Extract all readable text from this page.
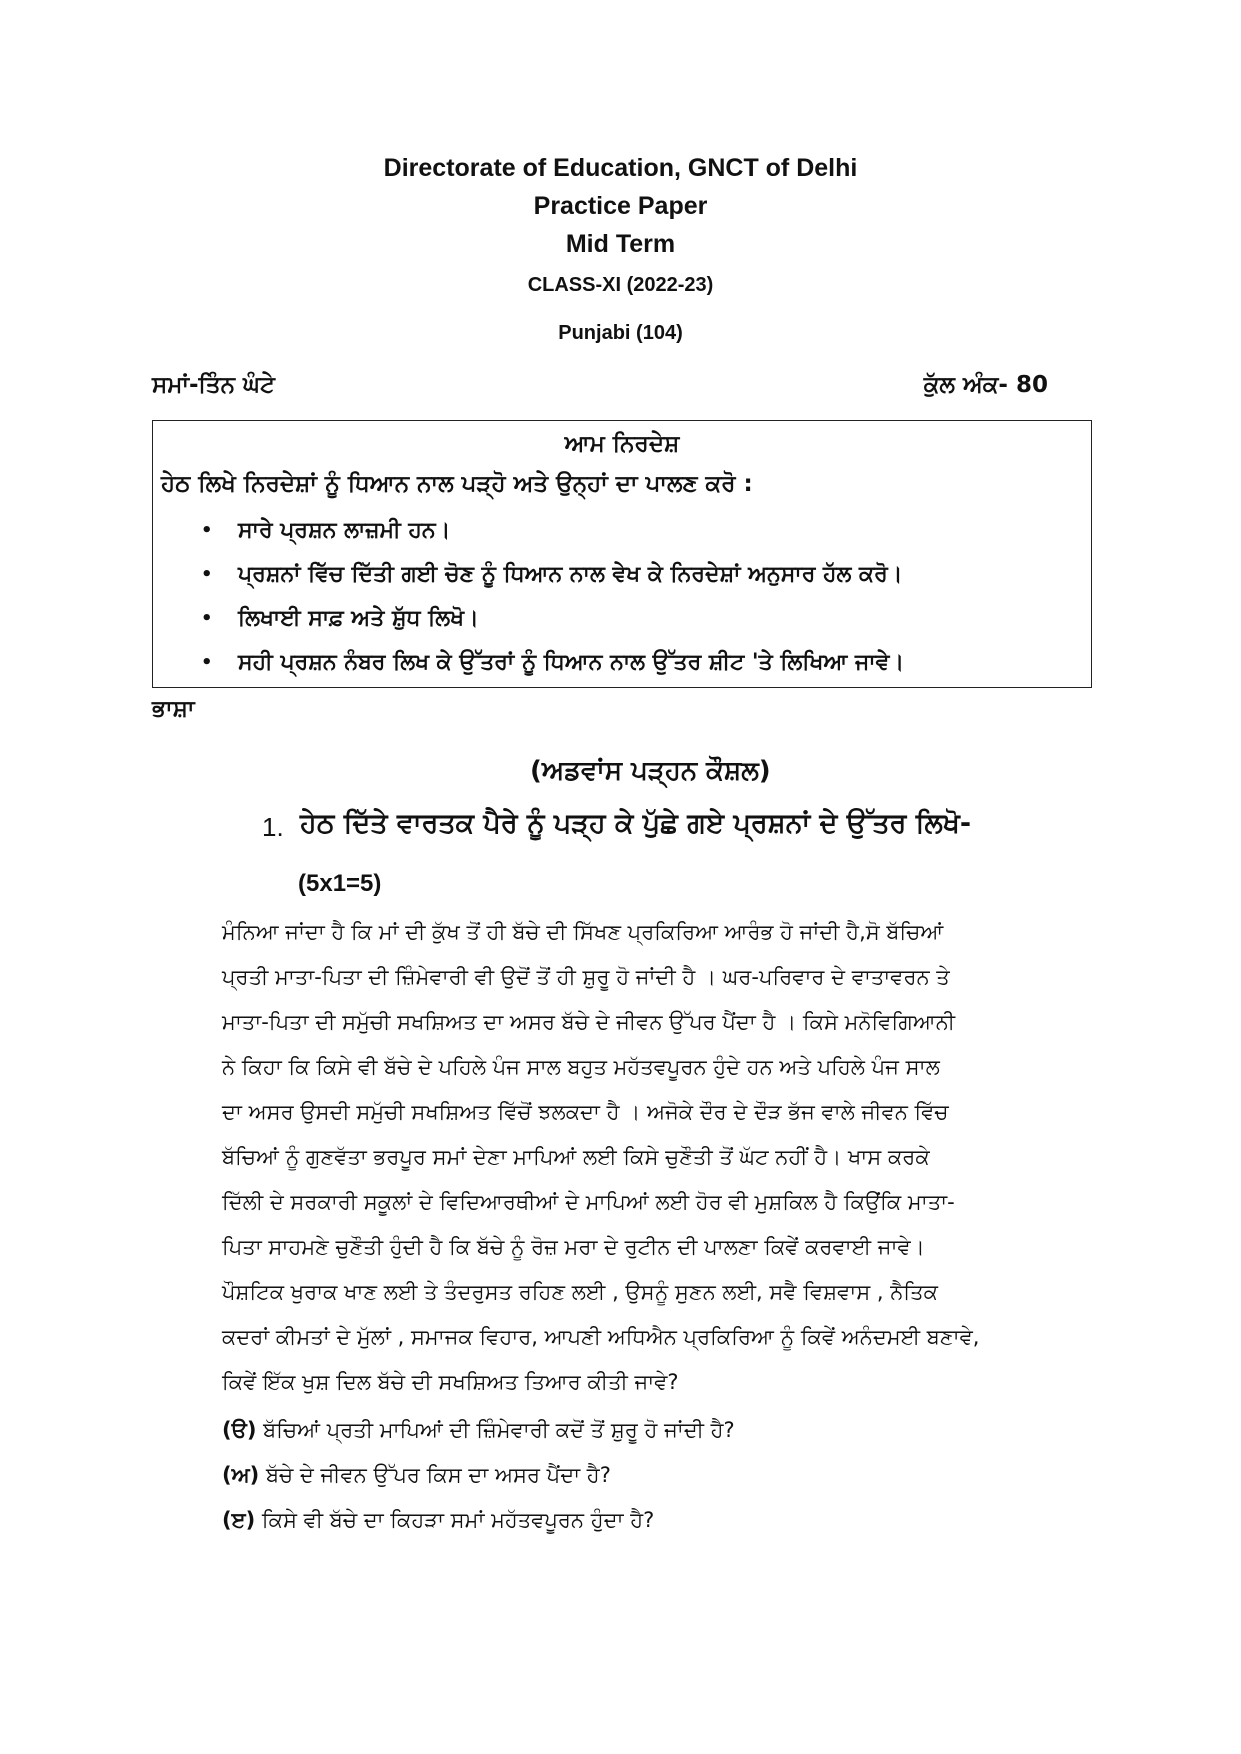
Directorate of Education, GNCT of Delhi
Practice Paper
Mid Term
CLASS-XI (2022-23)
Punjabi (104)
ਸਮਾਂ-ਤਿੰਨ ਘੰਟੇ	ਕੁੱਲ ਅੰਕ- 80
ਆਮ ਨਿਰਦੇਸ਼
ਹੇਠ ਲਿਖੇ ਨਿਰਦੇਸ਼ਾਂ ਨੂੰ ਧਿਆਨ ਨਾਲ ਪੜ੍ਹੋ ਅਤੇ ਉਨ੍ਹਾਂ ਦਾ ਪਾਲਣ ਕਰੋ :
• ਸਾਰੇ ਪ੍ਰਸ਼ਨ ਲਾਜ਼ਮੀ ਹਨ।
• ਪ੍ਰਸ਼ਨਾਂ ਵਿੱਚ ਦਿੱਤੀ ਗਈ ਚੋਣ ਨੂੰ ਧਿਆਨ ਨਾਲ ਵੇਖ ਕੇ ਨਿਰਦੇਸ਼ਾਂ ਅਨੁਸਾਰ ਹੱਲ ਕਰੋ।
• ਲਿਖਾਈ ਸਾਫ਼ ਅਤੇ ਸ਼ੁੱਧ ਲਿਖੋ।
• ਸਹੀ ਪ੍ਰਸ਼ਨ ਨੰਬਰ ਲਿਖ ਕੇ ਉੱਤਰਾਂ ਨੂੰ ਧਿਆਨ ਨਾਲ ਉੱਤਰ ਸ਼ੀਟ 'ਤੇ ਲਿਖਿਆ ਜਾਵੇ।
ਭਾਸ਼ਾ
(ਅਡਵਾਂਸ ਪੜ੍ਹਨ ਕੌਸ਼ਲ)
1. ਹੇਠ ਦਿੱਤੇ ਵਾਰਤਕ ਪੈਰੇ ਨੂੰ ਪੜ੍ਹ ਕੇ ਪੁੱਛੇ ਗਏ ਪ੍ਰਸ਼ਨਾਂ ਦੇ ਉੱਤਰ ਲਿਖੋ-
(5x1=5)
ਮੰਨਿਆ ਜਾਂਦਾ ਹੈ ਕਿ ਮਾਂ ਦੀ ਕੁੱਖ ਤੋਂ ਹੀ ਬੱਚੇ ਦੀ ਸਿੱਖਣ ਪ੍ਰਕਿਰਿਆ ਆਰੰਭ ਹੋ ਜਾਂਦੀ ਹੈ,ਸੋ ਬੱਚਿਆਂ
ਪ੍ਰਤੀ ਮਾਤਾ-ਪਿਤਾ ਦੀ ਜ਼ਿੰਮੇਵਾਰੀ ਵੀ ਉਦੋਂ ਤੋਂ ਹੀ ਸ਼ੁਰੂ ਹੋ ਜਾਂਦੀ ਹੈ । ਘਰ-ਪਰਿਵਾਰ ਦੇ ਵਾਤਾਵਰਨ ਤੇ
ਮਾਤਾ-ਪਿਤਾ ਦੀ ਸਮੁੱਚੀ ਸਖਸ਼ਿਅਤ ਦਾ ਅਸਰ ਬੱਚੇ ਦੇ ਜੀਵਨ ਉੱਪਰ ਪੈਂਦਾ ਹੈ । ਕਿਸੇ ਮਨੋਵਿਗਿਆਨੀ
ਨੇ ਕਿਹਾ ਕਿ ਕਿਸੇ ਵੀ ਬੱਚੇ ਦੇ ਪਹਿਲੇ ਪੰਜ ਸਾਲ ਬਹੁਤ ਮਹੱਤਵਪੂਰਨ ਹੁੰਦੇ ਹਨ ਅਤੇ ਪਹਿਲੇ ਪੰਜ ਸਾਲ
ਦਾ ਅਸਰ ਉਸਦੀ ਸਮੁੱਚੀ ਸਖਸ਼ਿਅਤ ਵਿੱਚੋਂ ਝਲਕਦਾ ਹੈ । ਅਜੋਕੇ ਦੌਰ ਦੇ ਦੌੜ ਭੱਜ ਵਾਲੇ ਜੀਵਨ ਵਿੱਚ
ਬੱਚਿਆਂ ਨੂੰ ਗੁਣਵੱਤਾ ਭਰਪੂਰ ਸਮਾਂ ਦੇਣਾ ਮਾਪਿਆਂ ਲਈ ਕਿਸੇ ਚੁਣੌਤੀ ਤੋਂ ਘੱਟ ਨਹੀਂ ਹੈ। ਖਾਸ ਕਰਕੇ
ਦਿੱਲੀ ਦੇ ਸਰਕਾਰੀ ਸਕੂਲਾਂ ਦੇ ਵਿਦਿਆਰਥੀਆਂ ਦੇ ਮਾਪਿਆਂ ਲਈ ਹੋਰ ਵੀ ਮੁਸ਼ਕਿਲ ਹੈ ਕਿਉਂਕਿ ਮਾਤਾ-
ਪਿਤਾ ਸਾਹਮਣੇ ਚੁਣੌਤੀ ਹੁੰਦੀ ਹੈ ਕਿ ਬੱਚੇ ਨੂੰ ਰੋਜ਼ ਮਰਾ ਦੇ ਰੁਟੀਨ ਦੀ ਪਾਲਣਾ ਕਿਵੇਂ ਕਰਵਾਈ ਜਾਵੇ।
ਪੌਸ਼ਟਿਕ ਖੁਰਾਕ ਖਾਣ ਲਈ ਤੇ ਤੰਦਰੁਸਤ ਰਹਿਣ ਲਈ , ਉਸਨੂੰ ਸੁਣਨ ਲਈ, ਸਵੈ ਵਿਸ਼ਵਾਸ , ਨੈਤਿਕ
ਕਦਰਾਂ ਕੀਮਤਾਂ ਦੇ ਮੁੱਲਾਂ , ਸਮਾਜਕ ਵਿਹਾਰ, ਆਪਣੀ ਅਧਿਐਨ ਪ੍ਰਕਿਰਿਆ ਨੂੰ ਕਿਵੇਂ ਅਨੰਦਮਈ ਬਣਾਵੇ,
ਕਿਵੇਂ ਇੱਕ ਖੁਸ਼ ਦਿਲ ਬੱਚੇ ਦੀ ਸਖਸ਼ਿਅਤ ਤਿਆਰ ਕੀਤੀ ਜਾਵੇ?
(ੳ) ਬੱਚਿਆਂ ਪ੍ਰਤੀ ਮਾਪਿਆਂ ਦੀ ਜ਼ਿੰਮੇਵਾਰੀ ਕਦੋਂ ਤੋਂ ਸ਼ੁਰੂ ਹੋ ਜਾਂਦੀ ਹੈ?
(ਅ) ਬੱਚੇ ਦੇ ਜੀਵਨ ਉੱਪਰ ਕਿਸ ਦਾ ਅਸਰ ਪੈਂਦਾ ਹੈ?
(ੲ) ਕਿਸੇ ਵੀ ਬੱਚੇ ਦਾ ਕਿਹੜਾ ਸਮਾਂ ਮਹੱਤਵਪੂਰਨ ਹੁੰਦਾ ਹੈ?
